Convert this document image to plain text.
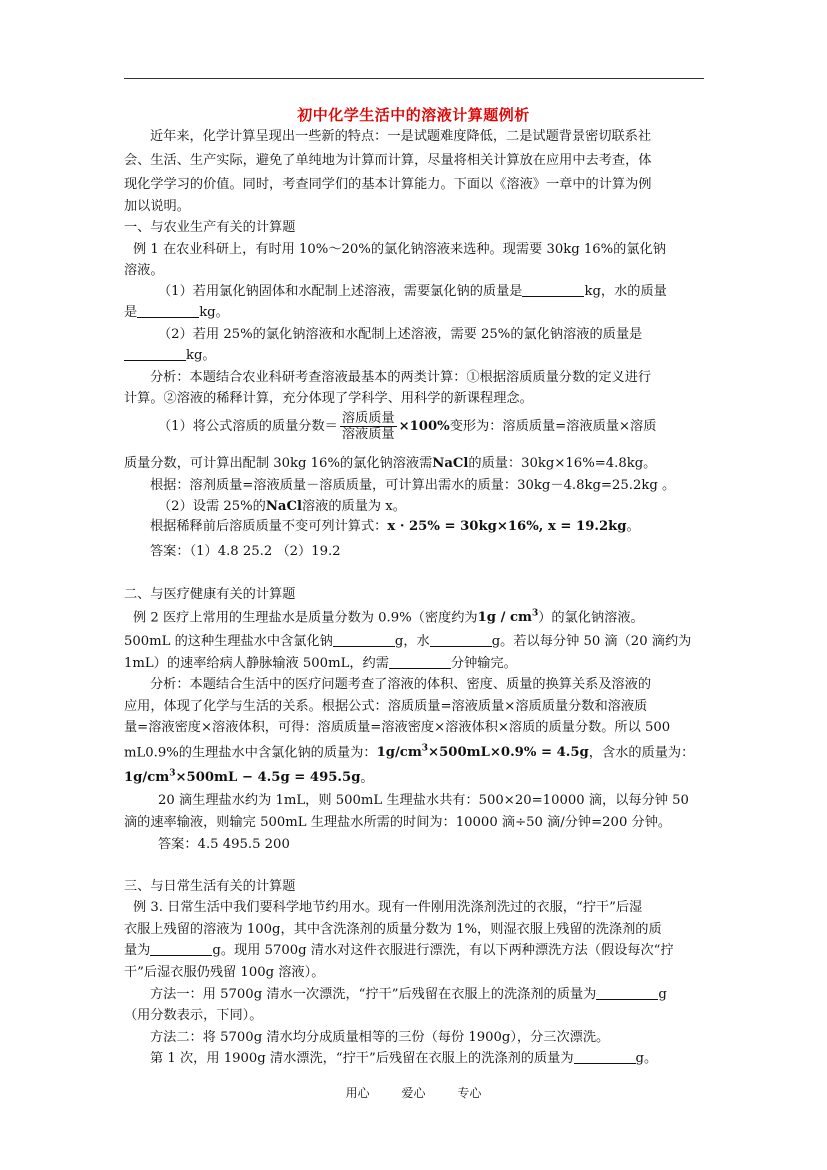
初中化学生活中的溶液计算题例析
近年来，化学计算呈现出一些新的特点：一是试题难度降低，二是试题背景密切联系社
会、生活、生产实际，避免了单纯地为计算而计算，尽量将相关计算放在应用中去考查，体
现化学学习的价值。同时，考查同学们的基本计算能力。下面以《溶液》一章中的计算为例
加以说明。
一、与农业生产有关的计算题
例 1 在农业科研上，有时用 10%～20%的氯化钠溶液来选种。现需要 30kg 16%的氯化钠
溶液。
（1）若用氯化钠固体和水配制上述溶液，需要氯化钠的质量是	kg，水的质量
是	kg。
（2）若用 25%的氯化钠溶液和水配制上述溶液，需要 25%的氯化钠溶液的质量是
kg。
分析：本题结合农业科研考查溶液最基本的两类计算：①根据溶质质量分数的定义进行
计算。②溶液的稀释计算，充分体现了学科学、用科学的新课程理念。
（1）将公式溶质的质量分数＝ $\frac{\text{溶质质量}}{\text{溶液质量}} \times 100\%$变形为：溶质质量=溶液质量×溶质
质量分数，可计算出配制 30kg 16%的氯化钠溶液需NaCl的质量：30kg×16%=4.8kg。
根据：溶剂质量=溶液质量－溶质质量，可计算出需水的质量：30kg－4.8kg=25.2kg 。
（2）设需 25%的NaCl溶液的质量为 x。
根据稀释前后溶质质量不变可列计算式：x · 25% = 30kg×16%, x = 19.2kg。
答案：（1）4.8 25.2 （2）19.2
二、与医疗健康有关的计算题
例 2 医疗上常用的生理盐水是质量分数为 0.9%（密度约为$1g / cm^3$）的氯化钠溶液。
500mL 的这种生理盐水中含氯化钠	g，水	g。若以每分钟 50 滴（20 滴约为
1mL）的速率给病人静脉输液 500mL，约需	分钟输完。
分析：本题结合生活中的医疗问题考查了溶液的体积、密度、质量的换算关系及溶液的
应用，体现了化学与生活的关系。根据公式：溶质质量=溶液质量×溶质质量分数和溶液质
量=溶液密度×溶液体积，可得：溶质质量=溶液密度×溶液体积×溶质的质量分数。所以 500
mL0.9%的生理盐水中含氯化钠的质量为：$1g/cm^3\times 500mL\times 0.9\% = 4.5g$，含水的质量为：
$1g/cm^3\times 500mL - 4.5g = 495.5g$。
20 滴生理盐水约为 1mL，则 500mL 生理盐水共有：500×20=10000 滴，以每分钟 50
滴的速率输液，则输完 500mL 生理盐水所需的时间为：10000 滴÷50 滴/分钟=200 分钟。
答案：4.5 495.5 200
三、与日常生活有关的计算题
例 3. 日常生活中我们要科学地节约用水。现有一件刚用洗涤剂洗过的衣服，“拧干”后湿
衣服上残留的溶液为 100g，其中含洗涤剂的质量分数为 1%，则湿衣服上残留的洗涤剂的质
量为	g。现用 5700g 清水对这件衣服进行漂洗，有以下两种漂洗方法（假设每次“拧
干”后湿衣服仍残留 100g 溶液）。
方法一：用 5700g 清水一次漂洗，“拧干”后残留在衣服上的洗涤剂的质量为	g
（用分数表示，下同）。
方法二：将 5700g 清水均分成质量相等的三份（每份 1900g），分三次漂洗。
第 1 次，用 1900g 清水漂洗，“拧干”后残留在衣服上的洗涤剂的质量为	g。
用心	爱心	专心
